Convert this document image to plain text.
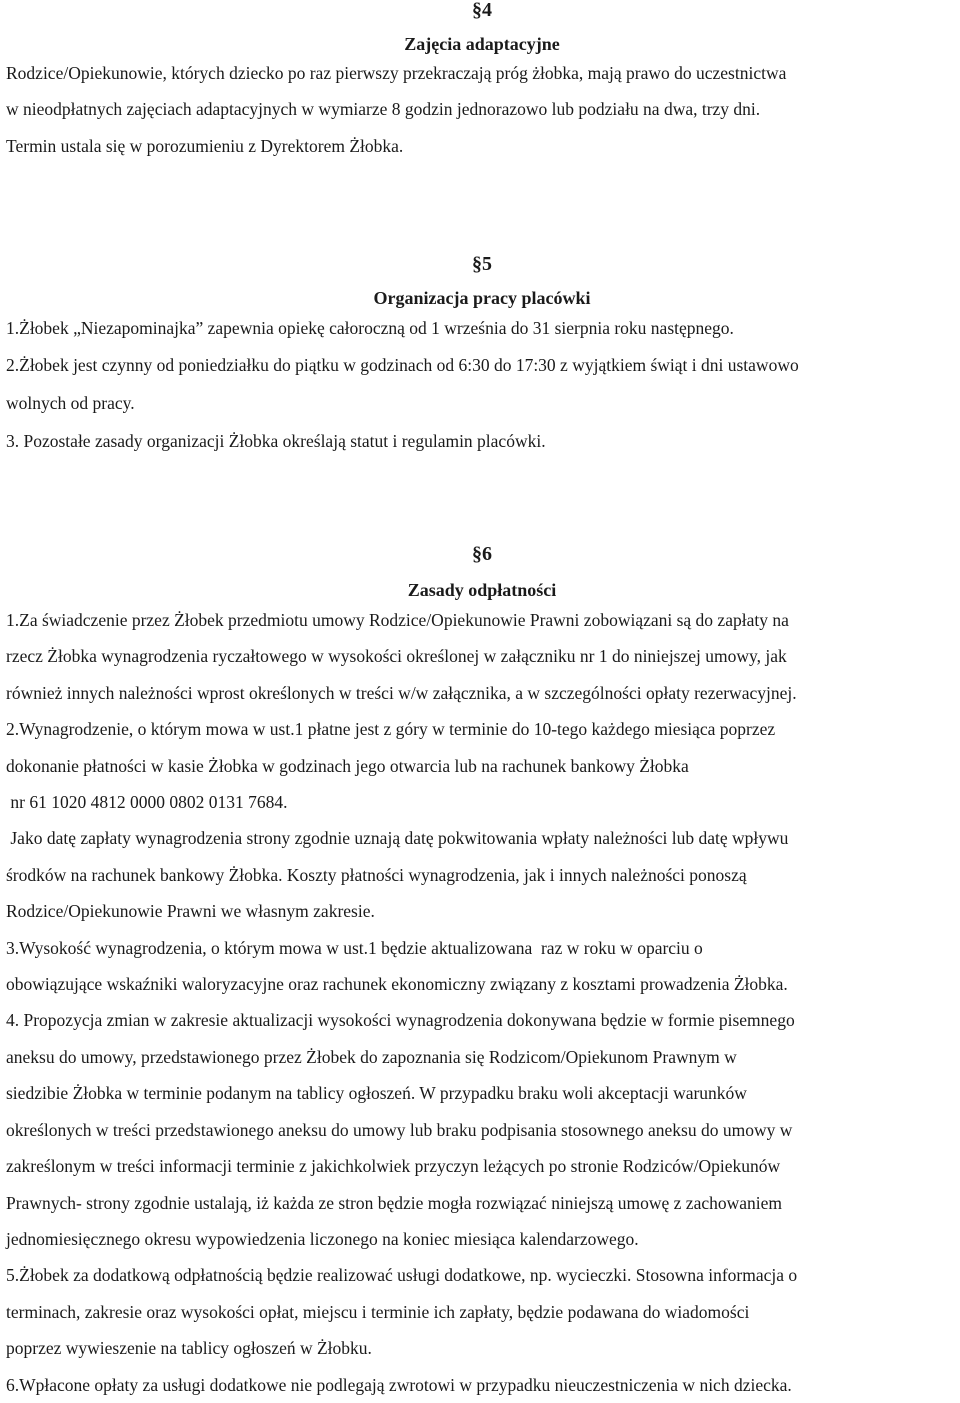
§4
Zajęcia adaptacyjne
Rodzice/Opiekunowie, których dziecko po raz pierwszy przekraczają próg żłobka, mają prawo do uczestnictwa
w nieodpłatnych zajęciach adaptacyjnych w wymiarze 8 godzin jednorazowo lub podziału na dwa, trzy dni.
Termin ustala się w porozumieniu z Dyrektorem Żłobka.
§5
Organizacja pracy placówki
1.Żłobek „Niezapominajka” zapewnia opiekę całoroczną od 1 września do 31 sierpnia roku następnego.
2.Żłobek jest czynny od poniedziałku do piątku w godzinach od 6:30 do 17:30 z wyjątkiem świąt i dni ustawowo
wolnych od pracy.
3. Pozostałe zasady organizacji Żłobka określają statut i regulamin placówki.
§6
Zasady odpłatności
1.Za świadczenie przez Żłobek przedmiotu umowy Rodzice/Opiekunowie Prawni zobowiązani są do zapłaty na
rzecz Żłobka wynagrodzenia ryczałtowego w wysokości określonej w załączniku nr 1 do niniejszej umowy, jak
również innych należności wprost określonych w treści w/w załącznika, a w szczególności opłaty rezerwacyjnej.
2.Wynagrodzenie, o którym mowa w ust.1 płatne jest z góry w terminie do 10-tego każdego miesiąca poprzez
dokonanie płatności w kasie Żłobka w godzinach jego otwarcia lub na rachunek bankowy Żłobka
nr 61 1020 4812 0000 0802 0131 7684.
Jako datę zapłaty wynagrodzenia strony zgodnie uznają datę pokwitowania wpłaty należności lub datę wpływu
środków na rachunek bankowy Żłobka. Koszty płatności wynagrodzenia, jak i innych należności ponoszą
Rodzice/Opiekunowie Prawni we własnym zakresie.
3.Wysokość wynagrodzenia, o którym mowa w ust.1 będzie aktualizowana  raz w roku w oparciu o
obowiązujące wskaźniki waloryzacyjne oraz rachunek ekonomiczny związany z kosztami prowadzenia Żłobka.
4. Propozycja zmian w zakresie aktualizacji wysokości wynagrodzenia dokonywana będzie w formie pisemnego
aneksu do umowy, przedstawionego przez Żłobek do zapoznania się Rodzicom/Opiekunom Prawnym w
siedzibie Żłobka w terminie podanym na tablicy ogłoszeń. W przypadku braku woli akceptacji warunków
określonych w treści przedstawionego aneksu do umowy lub braku podpisania stosownego aneksu do umowy w
zakreślonym w treści informacji terminie z jakichkolwiek przyczyn leżących po stronie Rodziców/Opiekunów
Prawnych- strony zgodnie ustalają, iż każda ze stron będzie mogła rozwiązać niniejszą umowę z zachowaniem
jednomiesięcznego okresu wypowiedzenia liczonego na koniec miesiąca kalendarzowego.
5.Żłobek za dodatkową odpłatnością będzie realizować usługi dodatkowe, np. wycieczki. Stosowna informacja o
terminach, zakresie oraz wysokości opłat, miejscu i terminie ich zapłaty, będzie podawana do wiadomości
poprzez wywieszenie na tablicy ogłoszeń w Żłobku.
6.Wpłacone opłaty za usługi dodatkowe nie podlegają zwrotowi w przypadku nieuczestniczenia w nich dziecka.
